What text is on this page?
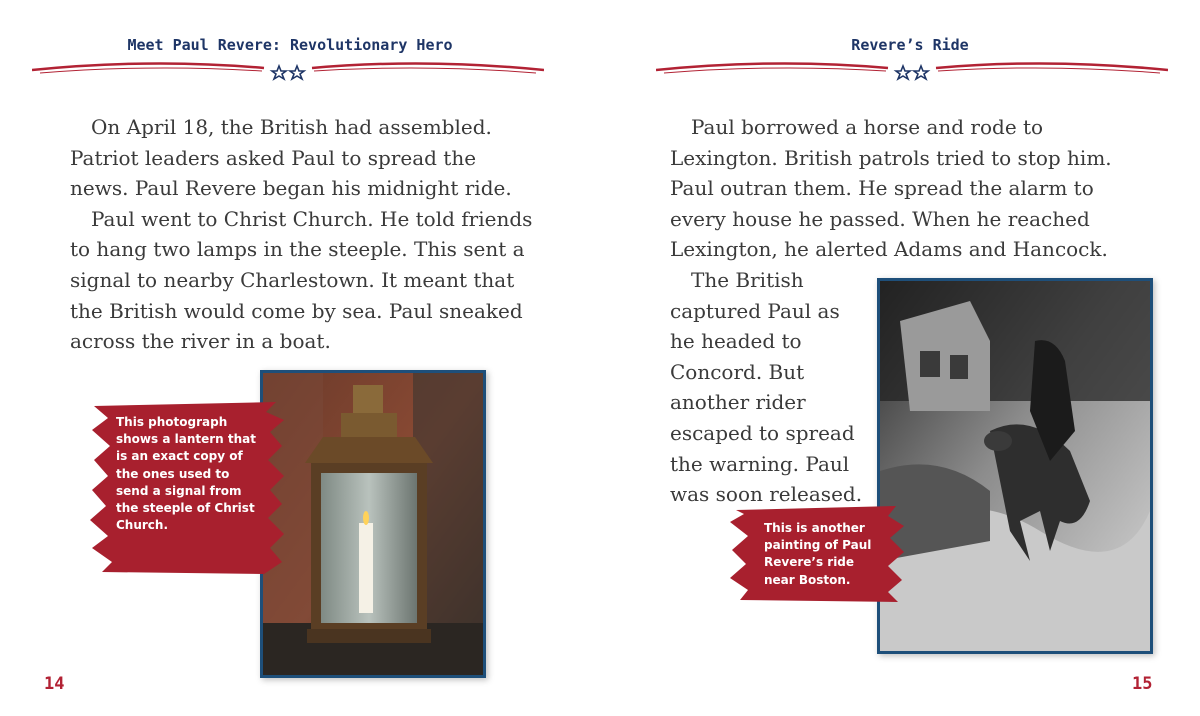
Meet Paul Revere: Revolutionary Hero

On April 18, the British had assembled. Patriot leaders asked Paul to spread the news. Paul Revere began his midnight ride.

Paul went to Christ Church. He told friends to hang two lamps in the steeple. This sent a signal to nearby Charlestown. It meant that the British would come by sea. Paul sneaked across the river in a boat.

This photograph shows a lantern that is an exact copy of the ones used to send a signal from the steeple of Christ Church.
14
Revere’s Ride

Paul borrowed a horse and rode to Lexington. British patrols tried to stop him. Paul outran them. He spread the alarm to every house he passed. When he reached Lexington, he alerted Adams and Hancock.

The British captured Paul as he headed to Concord. But another rider escaped to spread the warning. Paul was soon released.

This is another painting of Paul Revere’s ride near Boston.
15
